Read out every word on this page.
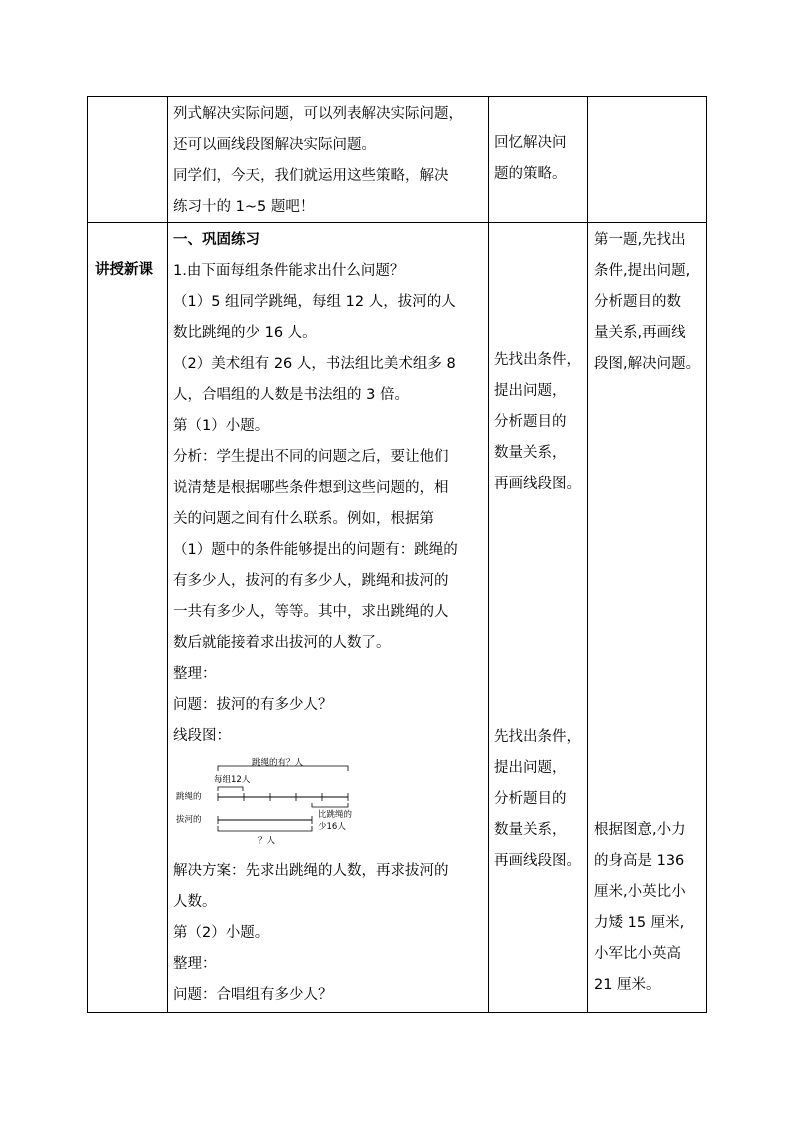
列式解决实际问题，可以列表解决实际问题，

还可以画线段图解决实际问题。

同学们，今天，我们就运用这些策略，解决

练习十的 1~5 题吧！

回忆解决问

题的策略。

讲授新课

一、巩固练习

1.由下面每组条件能求出什么问题？

（1）5 组同学跳绳，每组 12 人，拔河的人

数比跳绳的少 16 人。

（2）美术组有 26 人，书法组比美术组多 8

人，合唱组的人数是书法组的 3 倍。

第（1）小题。

分析：学生提出不同的问题之后，要让他们

说清楚是根据哪些条件想到这些问题的，相

关的问题之间有什么联系。例如，根据第

（1）题中的条件能够提出的问题有：跳绳的

有多少人，拔河的有多少人，跳绳和拔河的

一共有多少人，等等。其中，求出跳绳的人

数后就能接着求出拔河的人数了。

整理：

问题：拔河的有多少人？

线段图：

跳绳的有？人
每组12人
跳绳的
比跳绳的
少16人
拔河的
？人

解决方案：先求出跳绳的人数，再求拔河的

人数。

第（2）小题。

整理：

问题：合唱组有多少人？

先找出条件，

提出问题，

分析题目的

数量关系，

再画线段图。

先找出条件，

提出问题，

分析题目的

数量关系，

再画线段图。

第一题,先找出

条件,提出问题,

分析题目的数

量关系,再画线

段图,解决问题。

根据图意,小力

的身高是 136

厘米,小英比小

力矮 15 厘米,

小军比小英高

21 厘米。
